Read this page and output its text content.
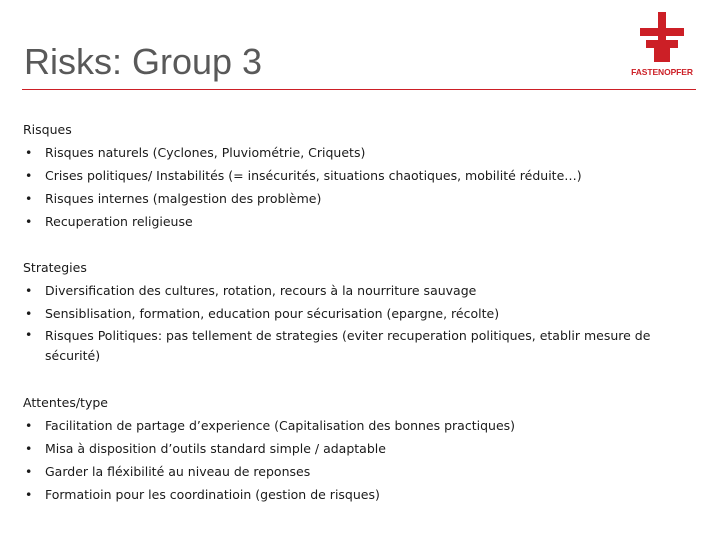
Risks: Group 3	FASTENOPFER
Risques
• Risques naturels (Cyclones, Pluviométrie, Criquets)
• Crises politiques/ Instabilités (= insécurités, situations chaotiques, mobilité réduite…)
• Risques internes (malgestion des problème)
• Recuperation religieuse
Strategies
• Diversification des cultures, rotation, recours à la nourriture sauvage
• Sensiblisation, formation, education pour sécurisation (epargne, récolte)
• Risques Politiques: pas tellement de strategies (eviter recuperation politiques, etablir mesure de sécurité)
Attentes/type
• Facilitation de partage d’experience (Capitalisation des bonnes practiques)
• Misa à disposition d’outils standard simple / adaptable
• Garder la fléxibilité au niveau de reponses
• Formatioin pour les coordinatioin (gestion de risques)
